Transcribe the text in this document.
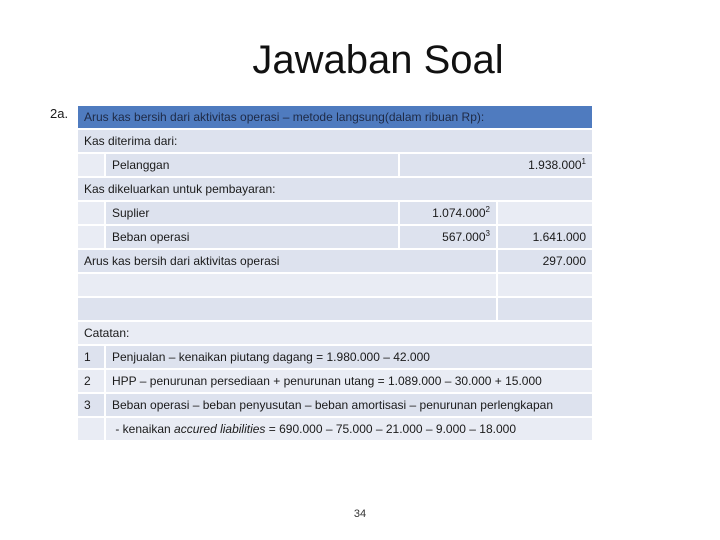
Jawaban Soal
2a.	Arus kas bersih dari aktivitas operasi – metode langsung(dalam ribuan Rp):
Kas diterima dari:
Pelanggan	1.938.000$^1$
Kas dikeluarkan untuk pembayaran:
Suplier	1.074.000$^2$
Beban operasi	567.000$^3$	1.641.000
Arus kas bersih dari aktivitas operasi	297.000
Catatan:
1	Penjualan – kenaikan piutang dagang = 1.980.000 – 42.000
2	HPP – penurunan persediaan + penurunan utang = 1.089.000 – 30.000 + 15.000
3	Beban operasi – beban penyusutan – beban amortisasi – penurunan perlengkapan
- kenaikan accured liabilities = 690.000 – 75.000 – 21.000 – 9.000 – 18.000
34
